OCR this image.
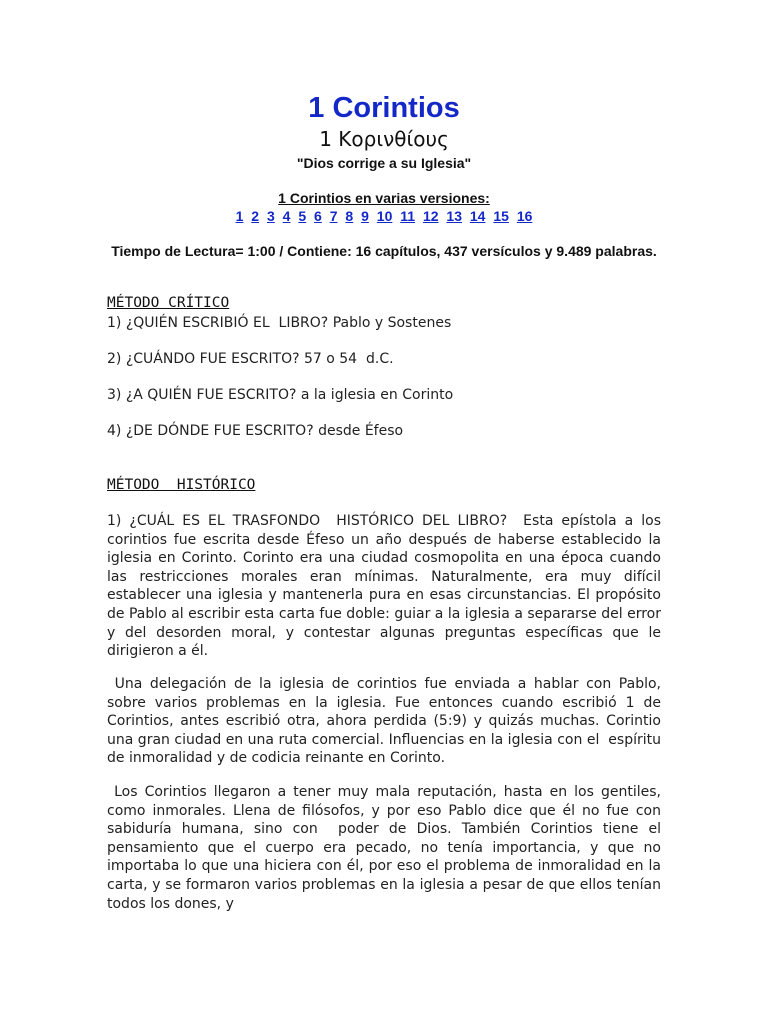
1 Corintios
1 Κορινθίους
"Dios corrige a su Iglesia"
1 Corintios en varias versiones:
1 2 3 4 5 6 7 8 9 10 11 12 13 14 15 16
Tiempo de Lectura= 1:00 / Contiene: 16 capítulos, 437 versículos y 9.489 palabras.
MÉTODO CRÍTICO
1) ¿QUIÉN ESCRIBIÓ EL  LIBRO? Pablo y Sostenes
2) ¿CUÁNDO FUE ESCRITO? 57 o 54  d.C.
3) ¿A QUIÉN FUE ESCRITO? a la iglesia en Corinto
4) ¿DE DÓNDE FUE ESCRITO? desde Éfeso
MÉTODO  HISTÓRICO
1) ¿CUÁL ES EL TRASFONDO  HISTÓRICO DEL LIBRO?  Esta epístola a los corintios fue escrita desde Éfeso un año después de haberse establecido la iglesia en Corinto. Corinto era una ciudad cosmopolita en una época cuando las restricciones morales eran mínimas. Naturalmente, era muy difícil establecer una iglesia y mantenerla pura en esas circunstancias. El propósito de Pablo al escribir esta carta fue doble: guiar a la iglesia a separarse del error y del desorden moral, y contestar algunas preguntas específicas que le dirigieron a él.
Una delegación de la iglesia de corintios fue enviada a hablar con Pablo, sobre varios problemas en la iglesia. Fue entonces cuando escribió 1 de Corintios, antes escribió otra, ahora perdida (5:9) y quizás muchas. Corintio una gran ciudad en una ruta comercial. Influencias en la iglesia con el  espíritu de inmoralidad y de codicia reinante en Corinto.
Los Corintios llegaron a tener muy mala reputación, hasta en los gentiles, como inmorales. Llena de filósofos, y por eso Pablo dice que él no fue con sabiduría humana, sino con  poder de Dios. También Corintios tiene el pensamiento que el cuerpo era pecado, no tenía importancia, y que no importaba lo que una hiciera con él, por eso el problema de inmoralidad en la carta, y se formaron varios problemas en la iglesia a pesar de que ellos tenían todos los dones, y
